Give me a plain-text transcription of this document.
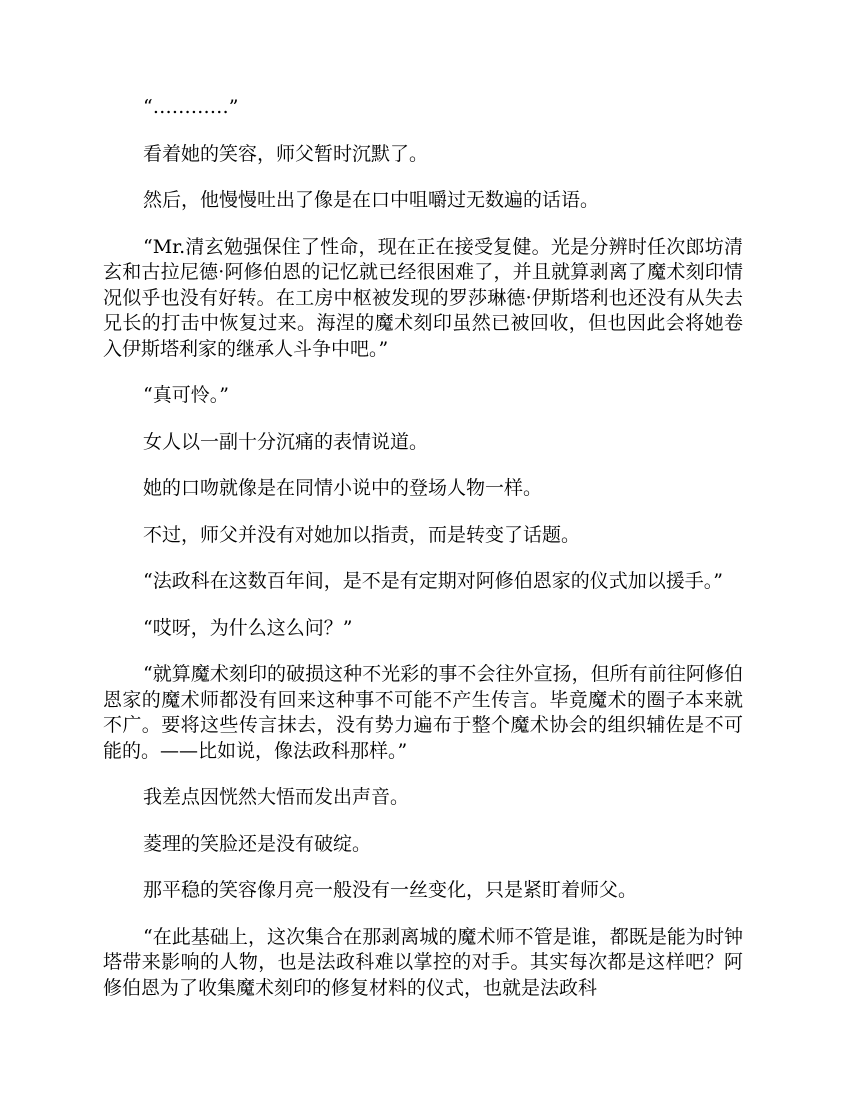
“…………”

看着她的笑容，师父暂时沉默了。

然后，他慢慢吐出了像是在口中咀嚼过无数遍的话语。

“Mr.清玄勉强保住了性命，现在正在接受复健。光是分辨时任次郎坊清玄和古拉尼德·阿修伯恩的记忆就已经很困难了，并且就算剥离了魔术刻印情况似乎也没有好转。在工房中枢被发现的罗莎琳德·伊斯塔利也还没有从失去兄长的打击中恢复过来。海涅的魔术刻印虽然已被回收，但也因此会将她卷入伊斯塔利家的继承人斗争中吧。”

“真可怜。”

女人以一副十分沉痛的表情说道。

她的口吻就像是在同情小说中的登场人物一样。

不过，师父并没有对她加以指责，而是转变了话题。

“法政科在这数百年间，是不是有定期对阿修伯恩家的仪式加以援手。”

“哎呀，为什么这么问？”

“就算魔术刻印的破损这种不光彩的事不会往外宣扬，但所有前往阿修伯恩家的魔术师都没有回来这种事不可能不产生传言。毕竟魔术的圈子本来就不广。要将这些传言抹去，没有势力遍布于整个魔术协会的组织辅佐是不可能的。——比如说，像法政科那样。”

我差点因恍然大悟而发出声音。

菱理的笑脸还是没有破绽。

那平稳的笑容像月亮一般没有一丝变化，只是紧盯着师父。

“在此基础上，这次集合在那剥离城的魔术师不管是谁，都既是能为时钟塔带来影响的人物，也是法政科难以掌控的对手。其实每次都是这样吧？阿修伯恩为了收集魔术刻印的修复材料的仪式，也就是法政科
